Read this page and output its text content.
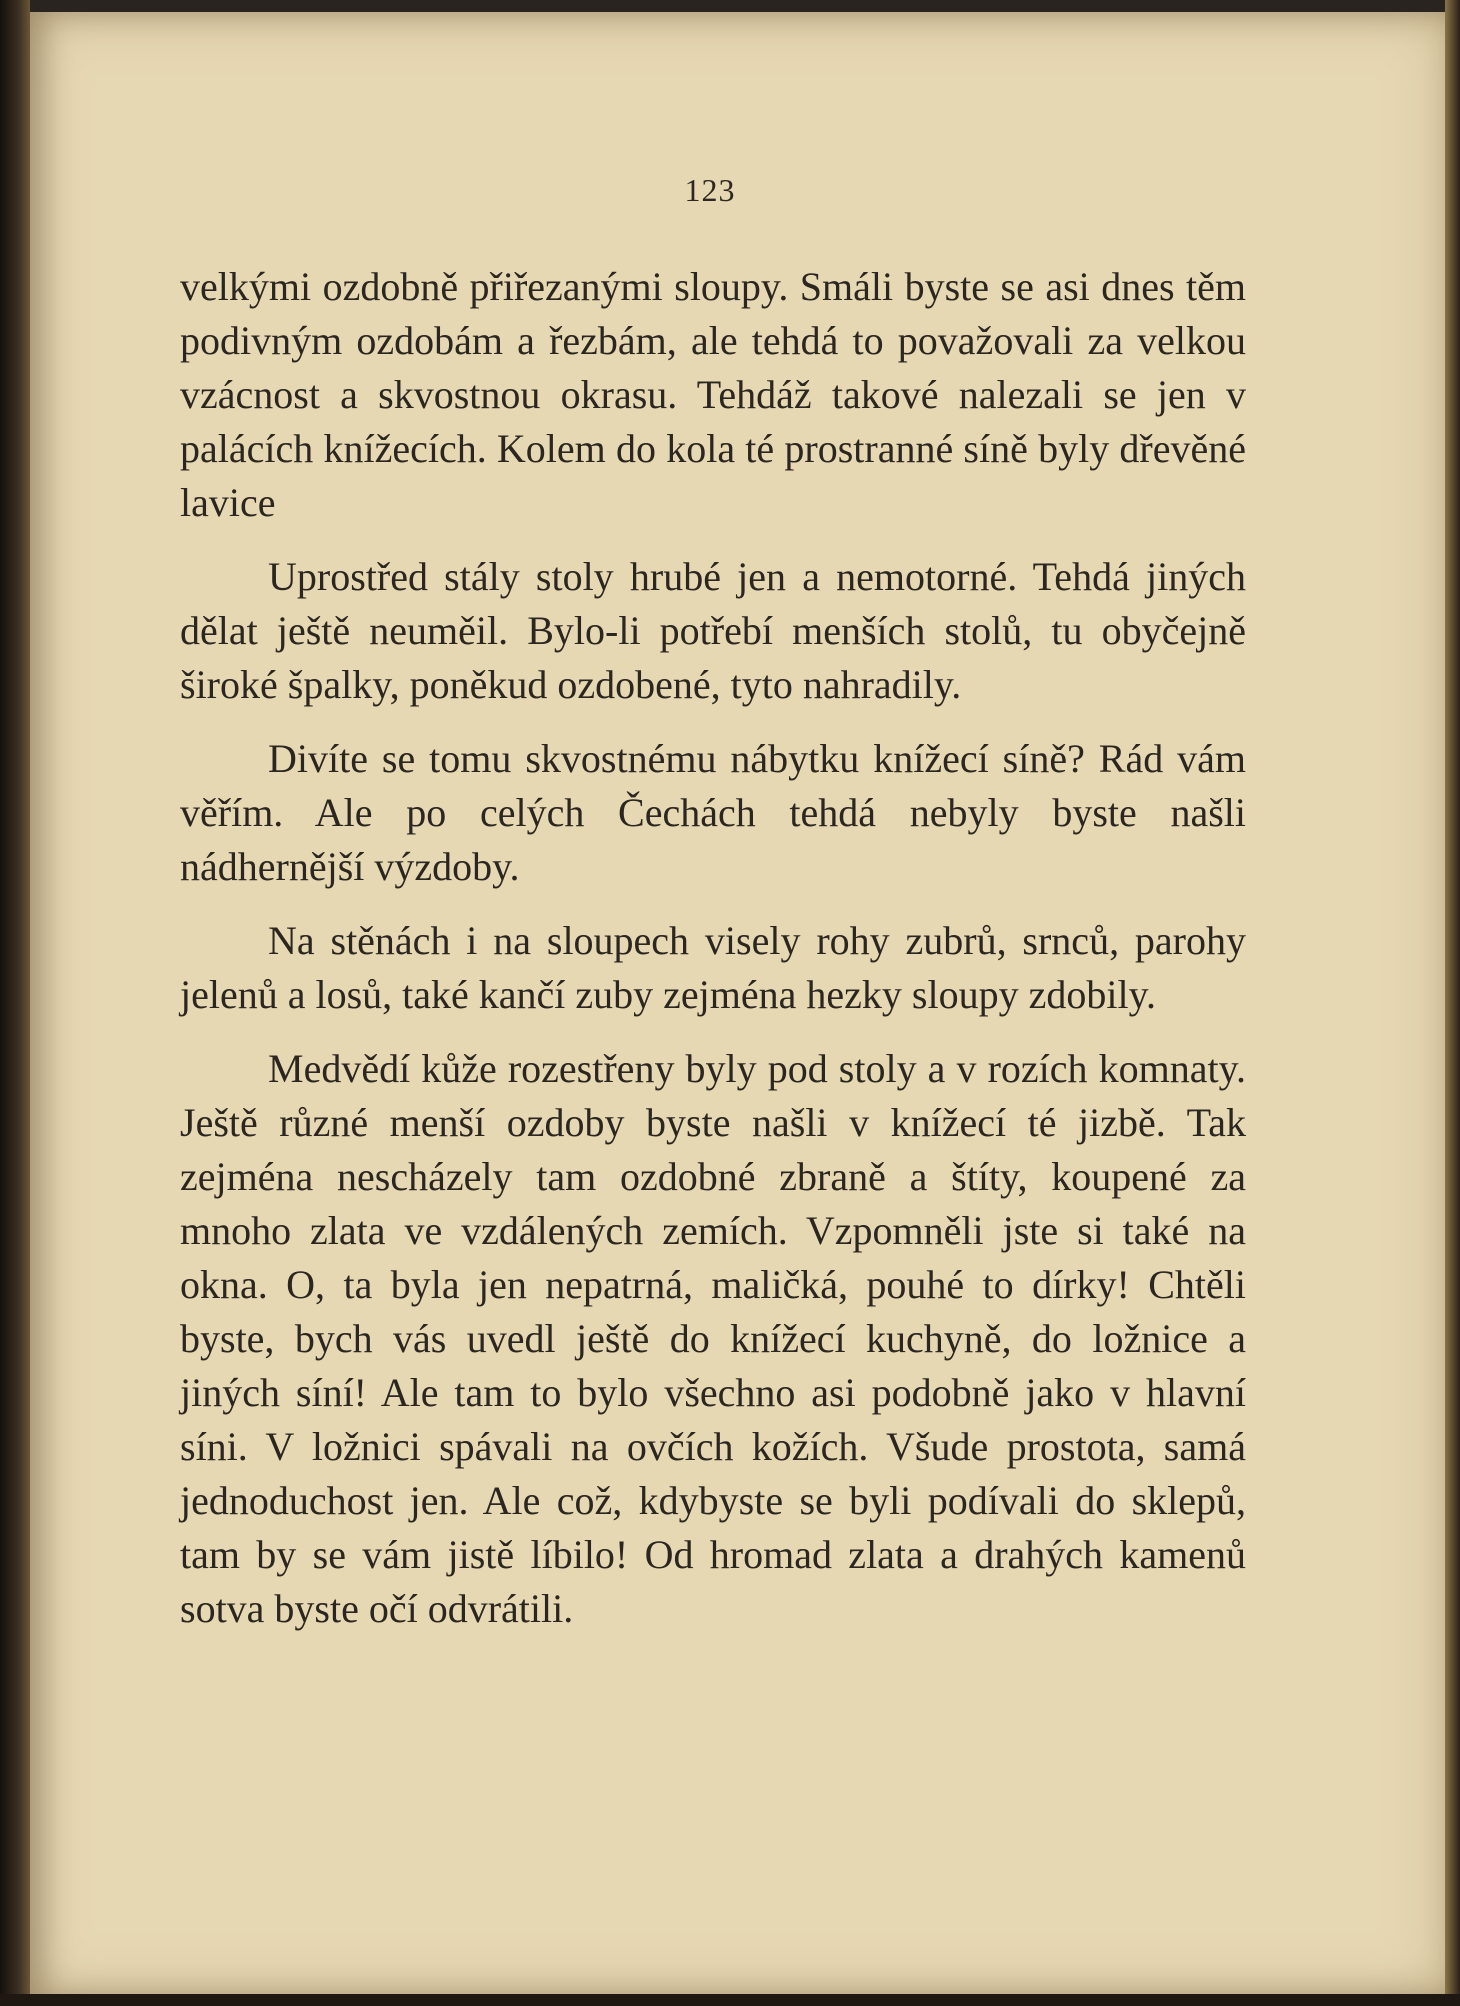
123

velkými ozdobně přiřezanými sloupy. Smáli byste se asi dnes těm podivným ozdobám a řezbám, ale tehdá to považovali za velkou vzácnost a skvostnou okrasu. Tehdáž takové nalezali se jen v palácích knížecích. Kolem do kola té prostranné síně byly dřevěné lavice

Uprostřed stály stoly hrubé jen a nemotorné. Tehdá jiných dělat ještě neuměil. Bylo-li potřebí menších stolů, tu obyčejně široké špalky, poněkud ozdobené, tyto nahradily.

Divíte se tomu skvostnému nábytku knížecí síně? Rád vám věřím. Ale po celých Čechách tehdá nebyly byste našli nádhernější výzdoby.

Na stěnách i na sloupech visely rohy zubrů, srnců, parohy jelenů a losů, také kančí zuby zejména hezky sloupy zdobily.

Medvědí kůže rozestřeny byly pod stoly a v rozích komnaty. Ještě různé menší ozdoby byste našli v knížecí té jizbě. Tak zejména nescházely tam ozdobné zbraně a štíty, koupené za mnoho zlata ve vzdálených zemích. Vzpomněli jste si také na okna. O, ta byla jen nepatrná, maličká, pouhé to dírky! Chtěli byste, bych vás uvedl ještě do knížecí kuchyně, do ložnice a jiných síní! Ale tam to bylo všechno asi podobně jako v hlavní síni. V ložnici spávali na ovčích kožích. Všude prostota, samá jednoduchost jen. Ale což, kdybyste se byli podívali do sklepů, tam by se vám jistě líbilo! Od hromad zlata a drahých kamenů sotva byste očí odvrátili.
